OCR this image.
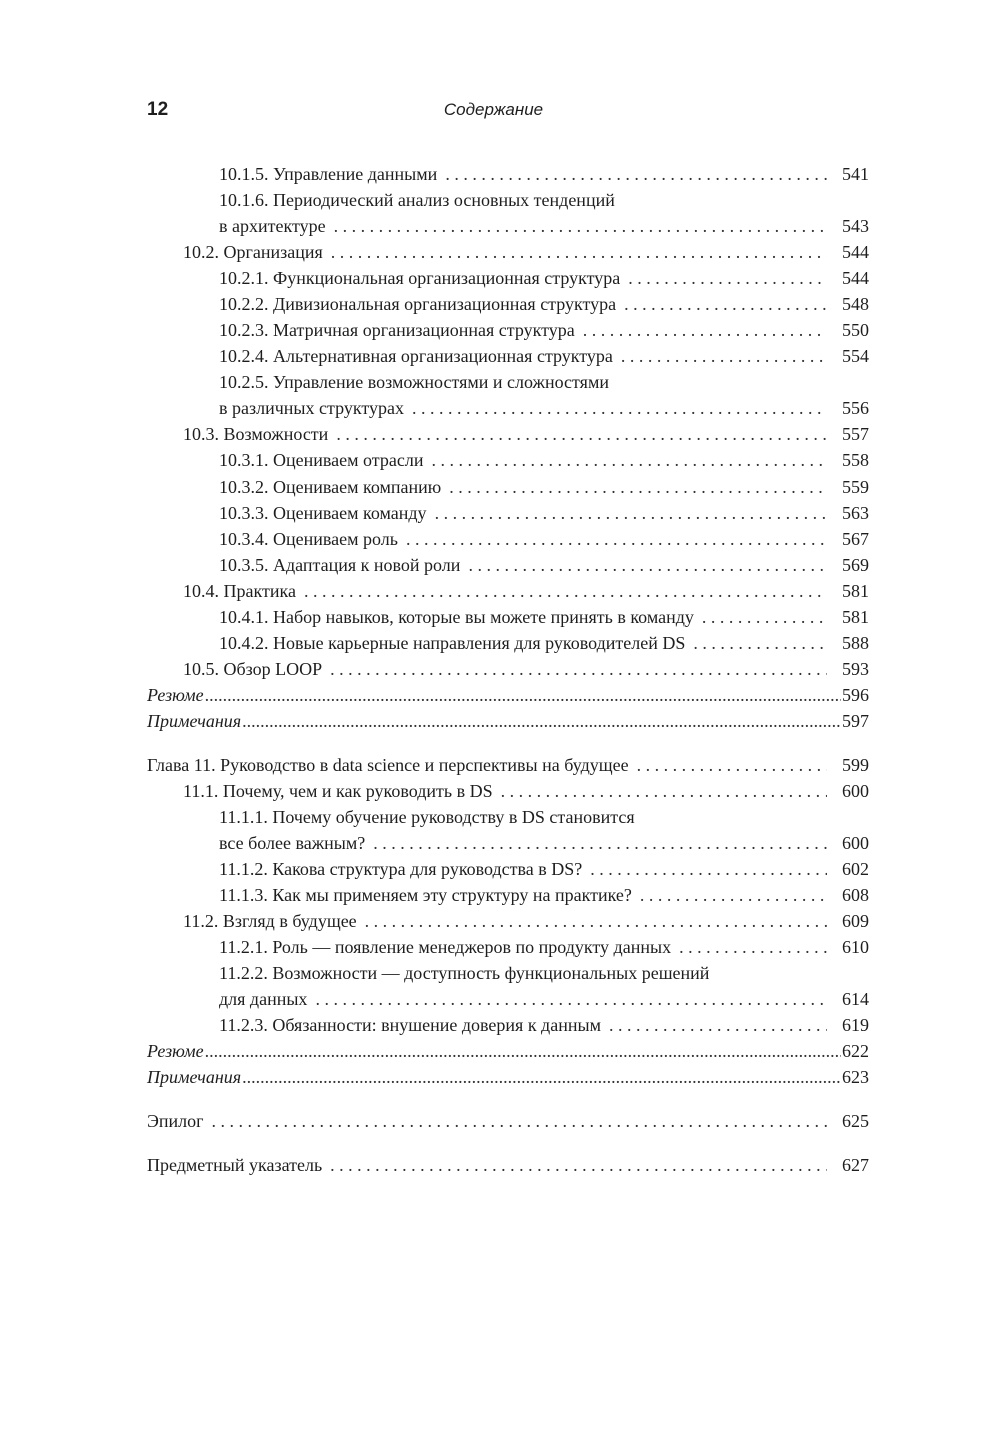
12	Содержание
10.1.5. Управление данными . . .	541
10.1.6. Периодический анализ основных тенденций
в архитектуре . . .	543
10.2. Организация . . .	544
10.2.1. Функциональная организационная структура . . .	544
10.2.2. Дивизиональная организационная структура . . .	548
10.2.3. Матричная организационная структура . . .	550
10.2.4. Альтернативная организационная структура . . .	554
10.2.5. Управление возможностями и сложностями
в различных структурах . . .	556
10.3. Возможности . . .	557
10.3.1. Оцениваем отрасли . . .	558
10.3.2. Оцениваем компанию . . .	559
10.3.3. Оцениваем команду . . .	563
10.3.4. Оцениваем роль . . .	567
10.3.5. Адаптация к новой роли . . .	569
10.4. Практика . . .	581
10.4.1. Набор навыков, которые вы можете принять в команду . . .	581
10.4.2. Новые карьерные направления для руководителей DS . . .	588
10.5. Обзор LOOP . . .	593
Резюме .....	596
Примечания .....	597
Глава 11. Руководство в data science и перспективы на будущее . . .	599
11.1. Почему, чем и как руководить в DS . . .	600
11.1.1. Почему обучение руководству в DS становится
все более важным? . . .	600
11.1.2. Какова структура для руководства в DS? . . .	602
11.1.3. Как мы применяем эту структуру на практике? . . .	608
11.2. Взгляд в будущее . . .	609
11.2.1. Роль — появление менеджеров по продукту данных . . .	610
11.2.2. Возможности — доступность функциональных решений
для данных . . .	614
11.2.3. Обязанности: внушение доверия к данным . . .	619
Резюме .....	622
Примечания .....	623
Эпилог . . .	625
Предметный указатель . . .	627
